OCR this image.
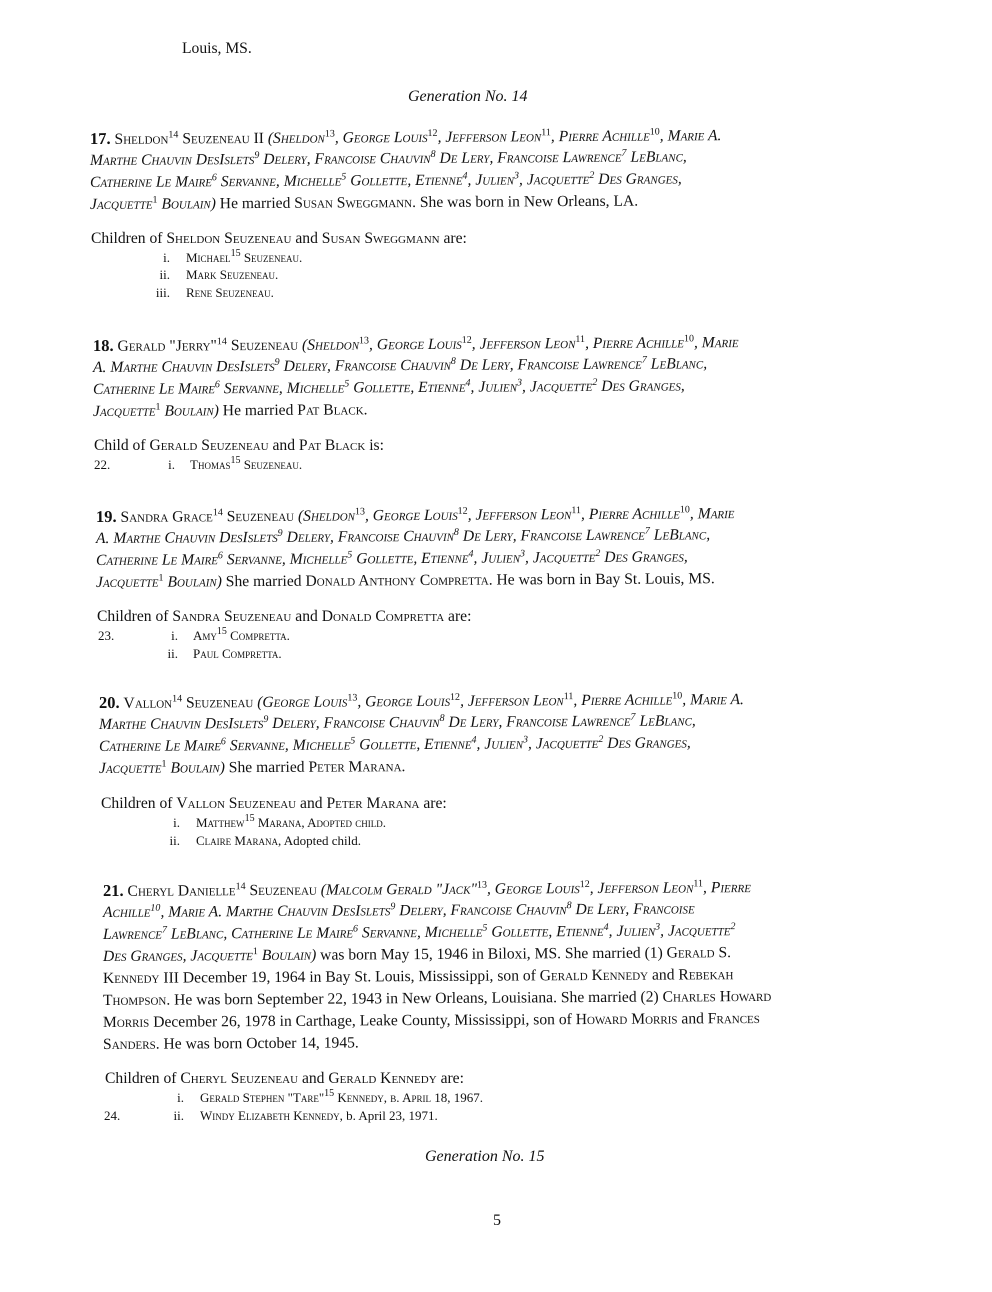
Louis, MS.
Generation No. 14
17. Sheldon$^{14}$ Seuzeneau II (Sheldon$^{13}$, George Louis$^{12}$, Jefferson Leon$^{11}$, Pierre Achille$^{10}$, Marie A.
Marthe Chauvin DesIslets$^9$ Delery, Francoise Chauvin$^8$ De Lery, Francoise Lawrence$^7$ LeBlanc,
Catherine Le Maire$^6$ Servanne, Michelle$^5$ Gollette, Etienne$^4$, Julien$^3$, Jacquette$^2$ Des Granges,
Jacquette$^1$ Boulain) He married Susan Sweggmann. She was born in New Orleans, LA.
Children of Sheldon Seuzeneau and Susan Sweggmann are:
i. Michael$^{15}$ Seuzeneau.
ii. Mark Seuzeneau.
iii. Rene Seuzeneau.
18. Gerald "Jerry"$^{14}$ Seuzeneau (Sheldon$^{13}$, George Louis$^{12}$, Jefferson Leon$^{11}$, Pierre Achille$^{10}$, Marie
A. Marthe Chauvin DesIslets$^9$ Delery, Francoise Chauvin$^8$ De Lery, Francoise Lawrence$^7$ LeBlanc,
Catherine Le Maire$^6$ Servanne, Michelle$^5$ Gollette, Etienne$^4$, Julien$^3$, Jacquette$^2$ Des Granges,
Jacquette$^1$ Boulain) He married Pat Black.
Child of Gerald Seuzeneau and Pat Black is:
22.	i. Thomas$^{15}$ Seuzeneau.
19. Sandra Grace$^{14}$ Seuzeneau (Sheldon$^{13}$, George Louis$^{12}$, Jefferson Leon$^{11}$, Pierre Achille$^{10}$, Marie
A. Marthe Chauvin DesIslets$^9$ Delery, Francoise Chauvin$^8$ De Lery, Francoise Lawrence$^7$ LeBlanc,
Catherine Le Maire$^6$ Servanne, Michelle$^5$ Gollette, Etienne$^4$, Julien$^3$, Jacquette$^2$ Des Granges,
Jacquette$^1$ Boulain) She married Donald Anthony Compretta. He was born in Bay St. Louis, MS.
Children of Sandra Seuzeneau and Donald Compretta are:
23.	i. Amy$^{15}$ Compretta.
ii. Paul Compretta.
20. Vallon$^{14}$ Seuzeneau (George Louis$^{13}$, George Louis$^{12}$, Jefferson Leon$^{11}$, Pierre Achille$^{10}$, Marie A.
Marthe Chauvin DesIslets$^9$ Delery, Francoise Chauvin$^8$ De Lery, Francoise Lawrence$^7$ LeBlanc,
Catherine Le Maire$^6$ Servanne, Michelle$^5$ Gollette, Etienne$^4$, Julien$^3$, Jacquette$^2$ Des Granges,
Jacquette$^1$ Boulain) She married Peter Marana.
Children of Vallon Seuzeneau and Peter Marana are:
i. Matthew$^{15}$ Marana, Adopted child.
ii. Claire Marana, Adopted child.
21. Cheryl Danielle$^{14}$ Seuzeneau (Malcolm Gerald "Jack"$^{13}$, George Louis$^{12}$, Jefferson Leon$^{11}$, Pierre
Achille$^{10}$, Marie A. Marthe Chauvin DesIslets$^9$ Delery, Francoise Chauvin$^8$ De Lery, Francoise
Lawrence$^7$ LeBlanc, Catherine Le Maire$^6$ Servanne, Michelle$^5$ Gollette, Etienne$^4$, Julien$^3$, Jacquette$^2$
Des Granges, Jacquette$^1$ Boulain) was born May 15, 1946 in Biloxi, MS. She married (1) Gerald S.
Kennedy III December 19, 1964 in Bay St. Louis, Mississippi, son of Gerald Kennedy and Rebekah
Thompson. He was born September 22, 1943 in New Orleans, Louisiana. She married (2) Charles Howard
Morris December 26, 1978 in Carthage, Leake County, Mississippi, son of Howard Morris and Frances
Sanders. He was born October 14, 1945.
Children of Cheryl Seuzeneau and Gerald Kennedy are:
i. Gerald Stephen "Tare"$^{15}$ Kennedy, b. April 18, 1967.
24.	ii. Windy Elizabeth Kennedy, b. April 23, 1971.
Generation No. 15
5
